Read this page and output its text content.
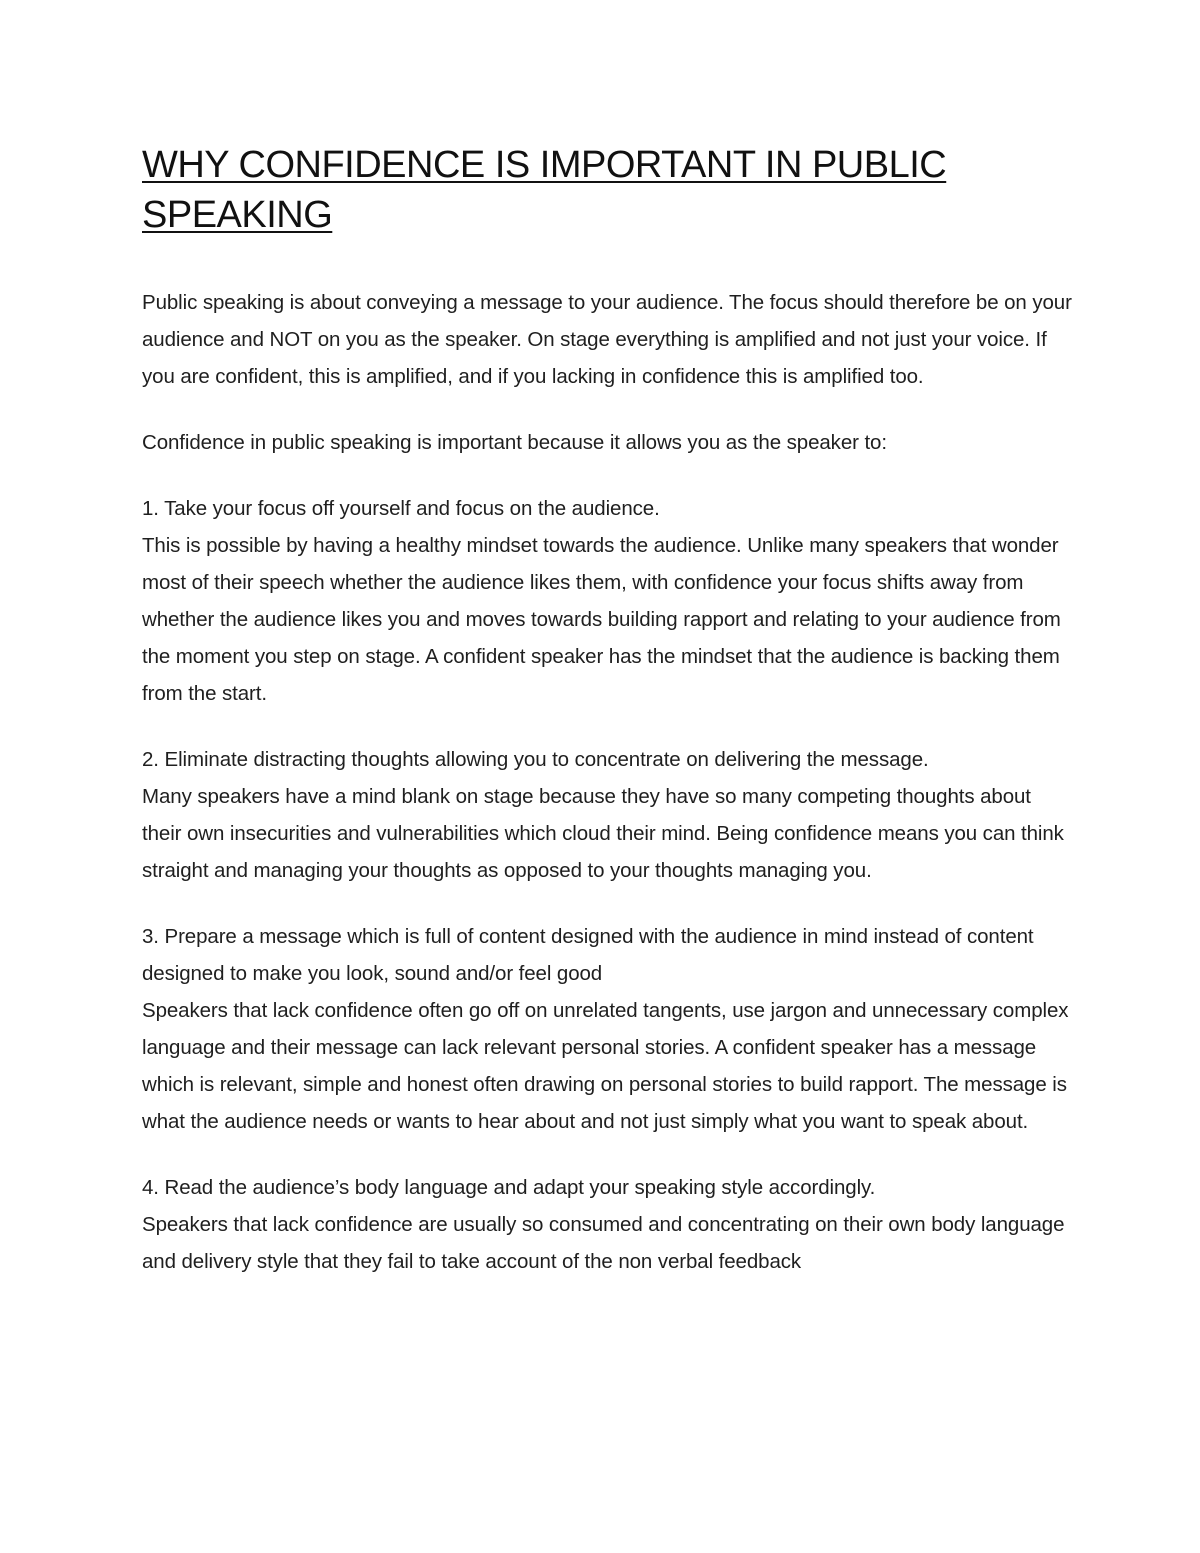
WHY CONFIDENCE IS IMPORTANT IN PUBLIC
SPEAKING

Public speaking is about conveying a message to your audience. The focus should therefore be on your audience and NOT on you as the speaker. On stage everything is amplified and not just your voice. If you are confident, this is amplified, and if you lacking in confidence this is amplified too.

Confidence in public speaking is important because it allows you as the speaker to:

1. Take your focus off yourself and focus on the audience.

This is possible by having a healthy mindset towards the audience. Unlike many speakers that wonder most of their speech whether the audience likes them, with confidence your focus shifts away from whether the audience likes you and moves towards building rapport and relating to your audience from the moment you step on stage. A confident speaker has the mindset that the audience is backing them from the start.

2. Eliminate distracting thoughts allowing you to concentrate on delivering the message.

Many speakers have a mind blank on stage because they have so many competing thoughts about their own insecurities and vulnerabilities which cloud their mind. Being confidence means you can think straight and managing your thoughts as opposed to your thoughts managing you.

3. Prepare a message which is full of content designed with the audience in mind instead of content designed to make you look, sound and/or feel good

Speakers that lack confidence often go off on unrelated tangents, use jargon and unnecessary complex language and their message can lack relevant personal stories. A confident speaker has a message which is relevant, simple and honest often drawing on personal stories to build rapport. The message is what the audience needs or wants to hear about and not just simply what you want to speak about.

4. Read the audience’s body language and adapt your speaking style accordingly.

Speakers that lack confidence are usually so consumed and concentrating on their own body language and delivery style that they fail to take account of the non verbal feedback
